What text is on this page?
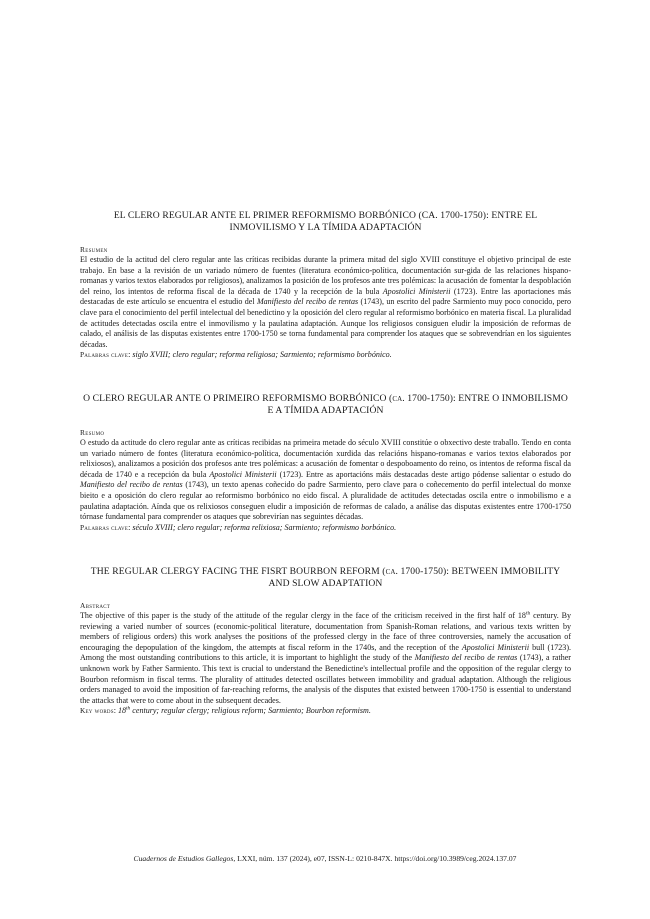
EL CLERO REGULAR ANTE EL PRIMER REFORMISMO BORBÓNICO (CA. 1700-1750): ENTRE EL INMOVILISMO Y LA TÍMIDA ADAPTACIÓN

Resumen

El estudio de la actitud del clero regular ante las críticas recibidas durante la primera mitad del siglo XVIII constituye el objetivo principal de este trabajo. En base a la revisión de un variado número de fuentes (literatura económico-política, documentación sur-gida de las relaciones hispano-romanas y varios textos elaborados por religiosos), analizamos la posición de los profesos ante tres polémicas: la acusación de fomentar la despoblación del reino, los intentos de reforma fiscal de la década de 1740 y la recepción de la bula Apostolici Ministerii (1723). Entre las aportaciones más destacadas de este artículo se encuentra el estudio del Manifiesto del recibo de rentas (1743), un escrito del padre Sarmiento muy poco conocido, pero clave para el conocimiento del perfil intelectual del benedictino y la oposición del clero regular al reformismo borbónico en materia fiscal. La pluralidad de actitudes detectadas oscila entre el inmovilismo y la paulatina adaptación. Aunque los religiosos consiguen eludir la imposición de reformas de calado, el análisis de las disputas existentes entre 1700-1750 se torna fundamental para comprender los ataques que se sobrevendrían en los siguientes décadas.

Palabras clave: siglo XVIII; clero regular; reforma religiosa; Sarmiento; reformismo borbónico.

O CLERO REGULAR ANTE O PRIMEIRO REFORMISMO BORBÓNICO (ca. 1700-1750): ENTRE O INMOBILISMO E A TÍMIDA ADAPTACIÓN

Resumo

O estudo da actitude do clero regular ante as críticas recibidas na primeira metade do século XVIII constitúe o obxectivo deste traballo. Tendo en conta un variado número de fontes (literatura económico-política, documentación xurdida das relacións hispano-romanas e varios textos elaborados por relixiosos), analizamos a posición dos profesos ante tres polémicas: a acusación de fomentar o despoboamento do reino, os intentos de reforma fiscal da década de 1740 e a recepción da bula Apostolici Ministerii (1723). Entre as aportacións máis destacadas deste artigo pódense salientar o estudo do Manifiesto del recibo de rentas (1743), un texto apenas coñecido do padre Sarmiento, pero clave para o coñecemento do perfil intelectual do monxe bieito e a oposición do clero regular ao reformismo borbónico no eido fiscal. A pluralidade de actitudes detectadas oscila entre o inmobilismo e a paulatina adaptación. Aínda que os relixiosos conseguen eludir a imposición de reformas de calado, a análise das disputas existentes entre 1700-1750 tórnase fundamental para comprender os ataques que sobrevirían nas seguintes décadas.

Palabras clave: século XVIII; clero regular; reforma relixiosa; Sarmiento; reformismo borbónico.

THE REGULAR CLERGY FACING THE FISRT BOURBON REFORM (ca. 1700-1750): BETWEEN IMMOBILITY AND SLOW ADAPTATION

Abstract

The objective of this paper is the study of the attitude of the regular clergy in the face of the criticism received in the first half of 18th century. By reviewing a varied number of sources (economic-political literature, documentation from Spanish-Roman relations, and various texts written by members of religious orders) this work analyses the positions of the professed clergy in the face of three controversies, namely the accusation of encouraging the depopulation of the kingdom, the attempts at fiscal reform in the 1740s, and the reception of the Apostolici Ministerii bull (1723). Among the most outstanding contributions to this article, it is important to highlight the study of the Manifiesto del recibo de rentas (1743), a rather unknown work by Father Sarmiento. This text is crucial to understand the Benedictine's intellectual profile and the opposition of the regular clergy to Bourbon reformism in fiscal terms. The plurality of attitudes detected oscillates between immobility and gradual adaptation. Although the religious orders managed to avoid the imposition of far-reaching reforms, the analysis of the disputes that existed between 1700-1750 is essential to understand the attacks that were to come about in the subsequent decades.

Key words: 18th century; regular clergy; religious reform; Sarmiento; Bourbon reformism.

Cuadernos de Estudios Gallegos, LXXI, núm. 137 (2024), e07, ISSN-L: 0210-847X. https://doi.org/10.3989/ceg.2024.137.07
